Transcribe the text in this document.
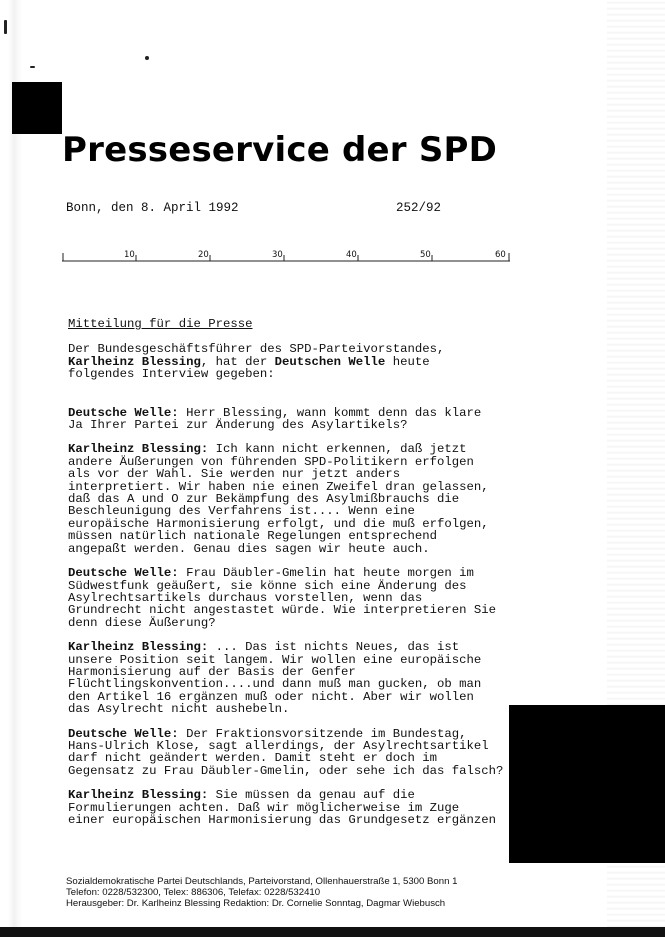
Presseservice der SPD
Bonn, den 8. April 1992	252/92
10	20	30	40	50	60

Mitteilung für die Presse

Der Bundesgeschäftsführer des SPD-Parteivorstandes,
Karlheinz Blessing, hat der Deutschen Welle heute
folgendes Interview gegeben:
Deutsche Welle: Herr Blessing, wann kommt denn das klare
Ja Ihrer Partei zur Änderung des Asylartikels?
Karlheinz Blessing: Ich kann nicht erkennen, daß jetzt
andere Äußerungen von führenden SPD-Politikern erfolgen
als vor der Wahl. Sie werden nur jetzt anders
interpretiert. Wir haben nie einen Zweifel dran gelassen,
daß das A und O zur Bekämpfung des Asylmißbrauchs die
Beschleunigung des Verfahrens ist.... Wenn eine
europäische Harmonisierung erfolgt, und die muß erfolgen,
müssen natürlich nationale Regelungen entsprechend
angepaßt werden. Genau dies sagen wir heute auch.
Deutsche Welle: Frau Däubler-Gmelin hat heute morgen im
Südwestfunk geäußert, sie könne sich eine Änderung des
Asylrechtsartikels durchaus vorstellen, wenn das
Grundrecht nicht angestastet würde. Wie interpretieren Sie
denn diese Äußerung?
Karlheinz Blessing: ... Das ist nichts Neues, das ist
unsere Position seit langem. Wir wollen eine europäische
Harmonisierung auf der Basis der Genfer
Flüchtlingskonvention....und dann muß man gucken, ob man
den Artikel 16 ergänzen muß oder nicht. Aber wir wollen
das Asylrecht nicht aushebeln.
Deutsche Welle: Der Fraktionsvorsitzende im Bundestag,
Hans-Ulrich Klose, sagt allerdings, der Asylrechtsartikel
darf nicht geändert werden. Damit steht er doch im
Gegensatz zu Frau Däubler-Gmelin, oder sehe ich das falsch?
Karlheinz Blessing: Sie müssen da genau auf die
Formulierungen achten. Daß wir möglicherweise im Zuge
einer europäischen Harmonisierung das Grundgesetz ergänzen
Sozialdemokratische Partei Deutschlands, Parteivorstand, Ollenhauerstraße 1, 5300 Bonn 1
Telefon: 0228/532300, Telex: 886306, Telefax: 0228/532410
Herausgeber: Dr. Karlheinz Blessing Redaktion: Dr. Cornelie Sonntag, Dagmar Wiebusch
